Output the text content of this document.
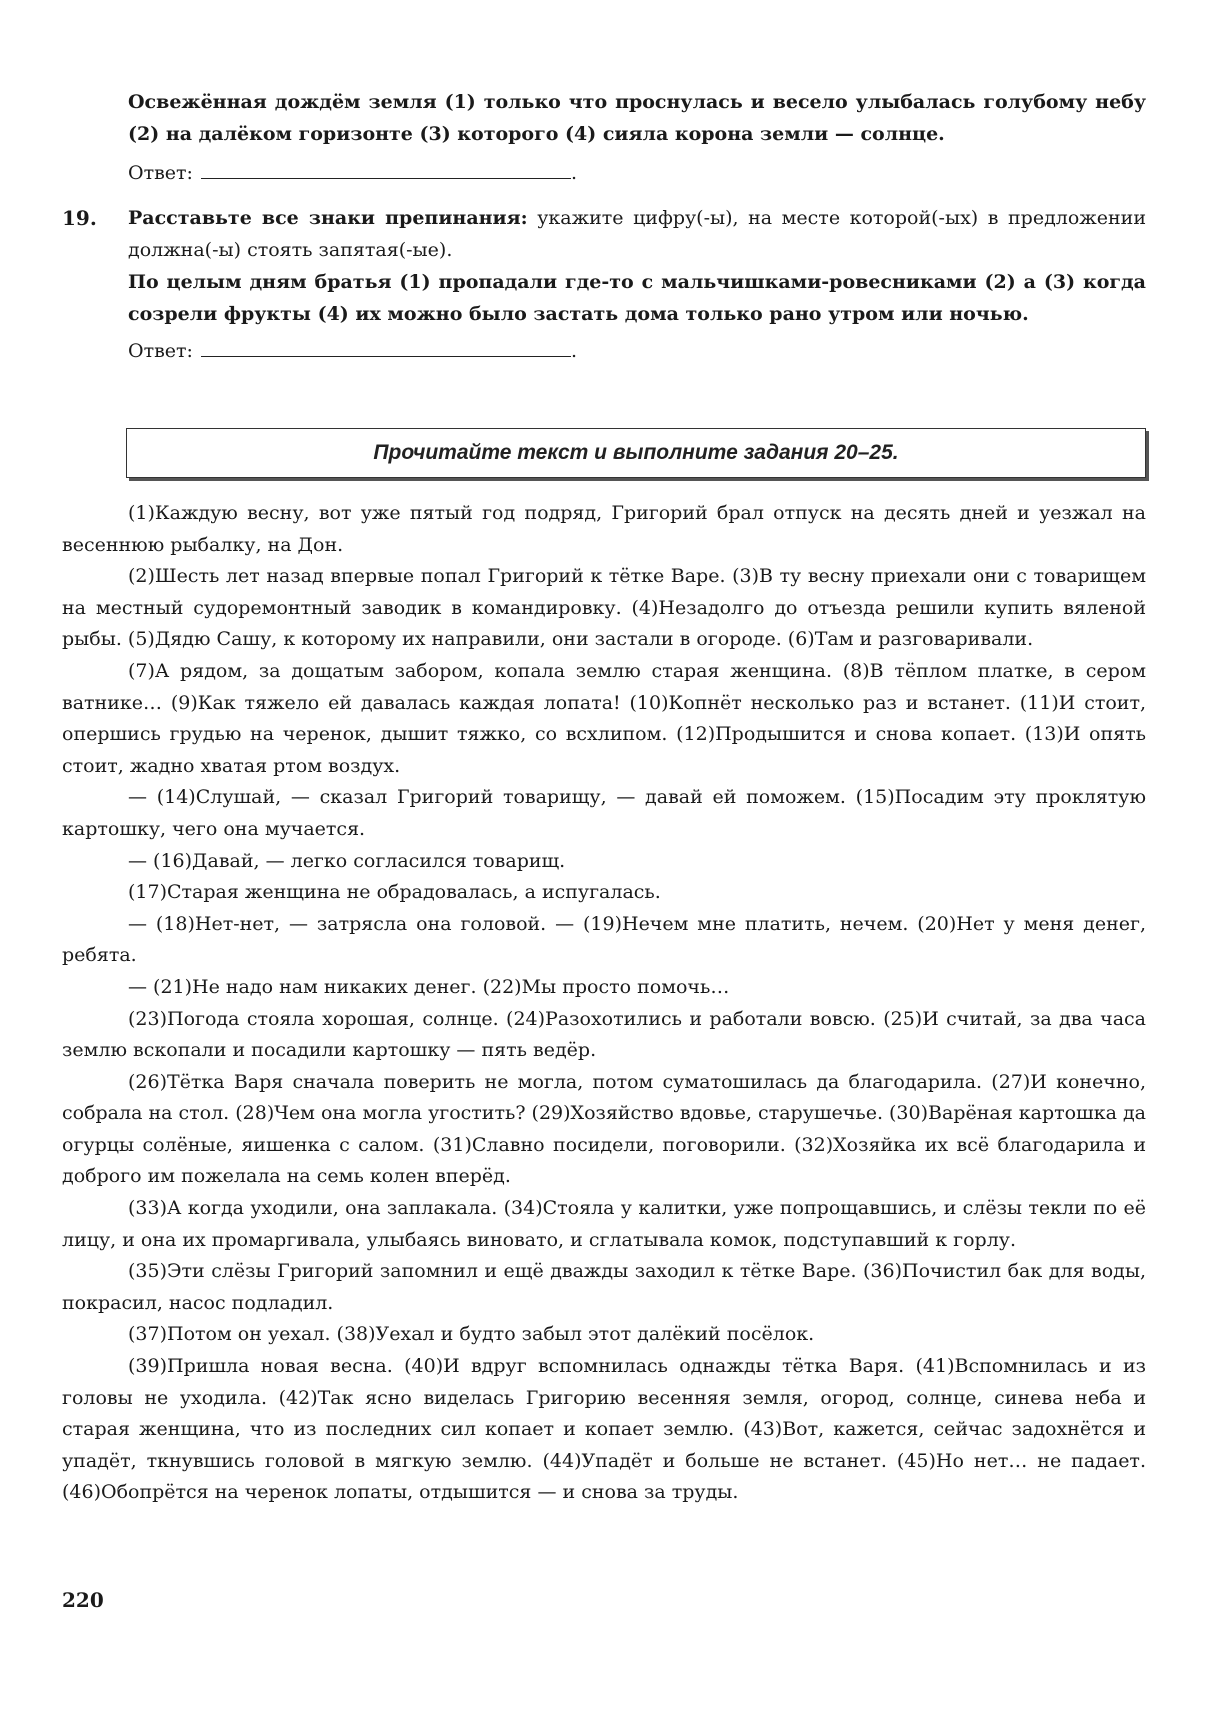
Освежённая дождём земля (1) только что проснулась и весело улыбалась голубому небу (2) на далёком горизонте (3) которого (4) сияла корона земли — солнце.
Ответ:	.
19. Расставьте все знаки препинания: укажите цифру(-ы), на месте которой(-ых) в предложении должна(-ы) стоять запятая(-ые).
По целым дням братья (1) пропадали где-то с мальчишками-ровесниками (2) а (3) когда созрели фрукты (4) их можно было застать дома только рано утром или ночью.
Ответ:	.
Прочитайте текст и выполните задания 20–25.

(1)Каждую весну, вот уже пятый год подряд, Григорий брал отпуск на десять дней и уезжал на весеннюю рыбалку, на Дон.

(2)Шесть лет назад впервые попал Григорий к тётке Варе. (3)В ту весну приехали они с товарищем на местный судоремонтный заводик в командировку. (4)Незадолго до отъезда решили купить вяленой рыбы. (5)Дядю Сашу, к которому их направили, они застали в огороде. (6)Там и разговаривали.

(7)А рядом, за дощатым забором, копала землю старая женщина. (8)В тёплом платке, в сером ватнике… (9)Как тяжело ей давалась каждая лопата! (10)Копнёт несколько раз и встанет. (11)И стоит, опершись грудью на черенок, дышит тяжко, со всхлипом. (12)Продышится и снова копает. (13)И опять стоит, жадно хватая ртом воздух.

— (14)Слушай, — сказал Григорий товарищу, — давай ей поможем. (15)Посадим эту проклятую картошку, чего она мучается.

— (16)Давай, — легко согласился товарищ.

(17)Старая женщина не обрадовалась, а испугалась.

— (18)Нет-нет, — затрясла она головой. — (19)Нечем мне платить, нечем. (20)Нет у меня денег, ребята.

— (21)Не надо нам никаких денег. (22)Мы просто помочь…

(23)Погода стояла хорошая, солнце. (24)Разохотились и работали вовсю. (25)И считай, за два часа землю вскопали и посадили картошку — пять ведёр.

(26)Тётка Варя сначала поверить не могла, потом суматошилась да благодарила. (27)И конечно, собрала на стол. (28)Чем она могла угостить? (29)Хозяйство вдовье, старушечье. (30)Варёная картошка да огурцы солёные, яишенка с салом. (31)Славно посидели, поговорили. (32)Хозяйка их всё благодарила и доброго им пожелала на семь колен вперёд.

(33)А когда уходили, она заплакала. (34)Стояла у калитки, уже попрощавшись, и слёзы текли по её лицу, и она их промаргивала, улыбаясь виновато, и сглатывала комок, подступавший к горлу.

(35)Эти слёзы Григорий запомнил и ещё дважды заходил к тётке Варе. (36)Почистил бак для воды, покрасил, насос подладил.

(37)Потом он уехал. (38)Уехал и будто забыл этот далёкий посёлок.

(39)Пришла новая весна. (40)И вдруг вспомнилась однажды тётка Варя. (41)Вспомнилась и из головы не уходила. (42)Так ясно виделась Григорию весенняя земля, огород, солнце, синева неба и старая женщина, что из последних сил копает и копает землю. (43)Вот, кажется, сейчас задохнётся и упадёт, ткнувшись головой в мягкую землю. (44)Упадёт и больше не встанет. (45)Но нет… не падает. (46)Обопрётся на черенок лопаты, отдышится — и снова за труды.

220
